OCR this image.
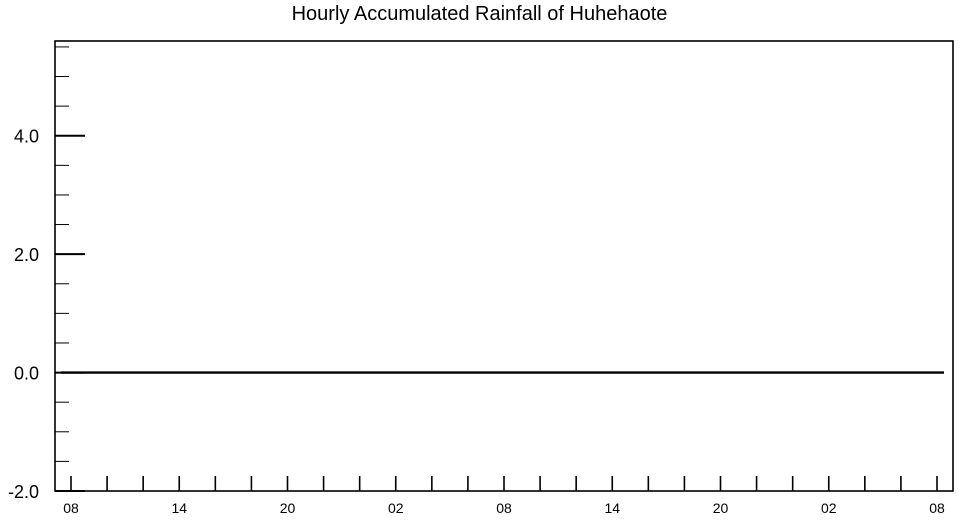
Hourly Accumulated Rainfall of Huhehaote
-2.0
0.0
2.0
4.0
08	14	20	02	08	14	20	02	08
